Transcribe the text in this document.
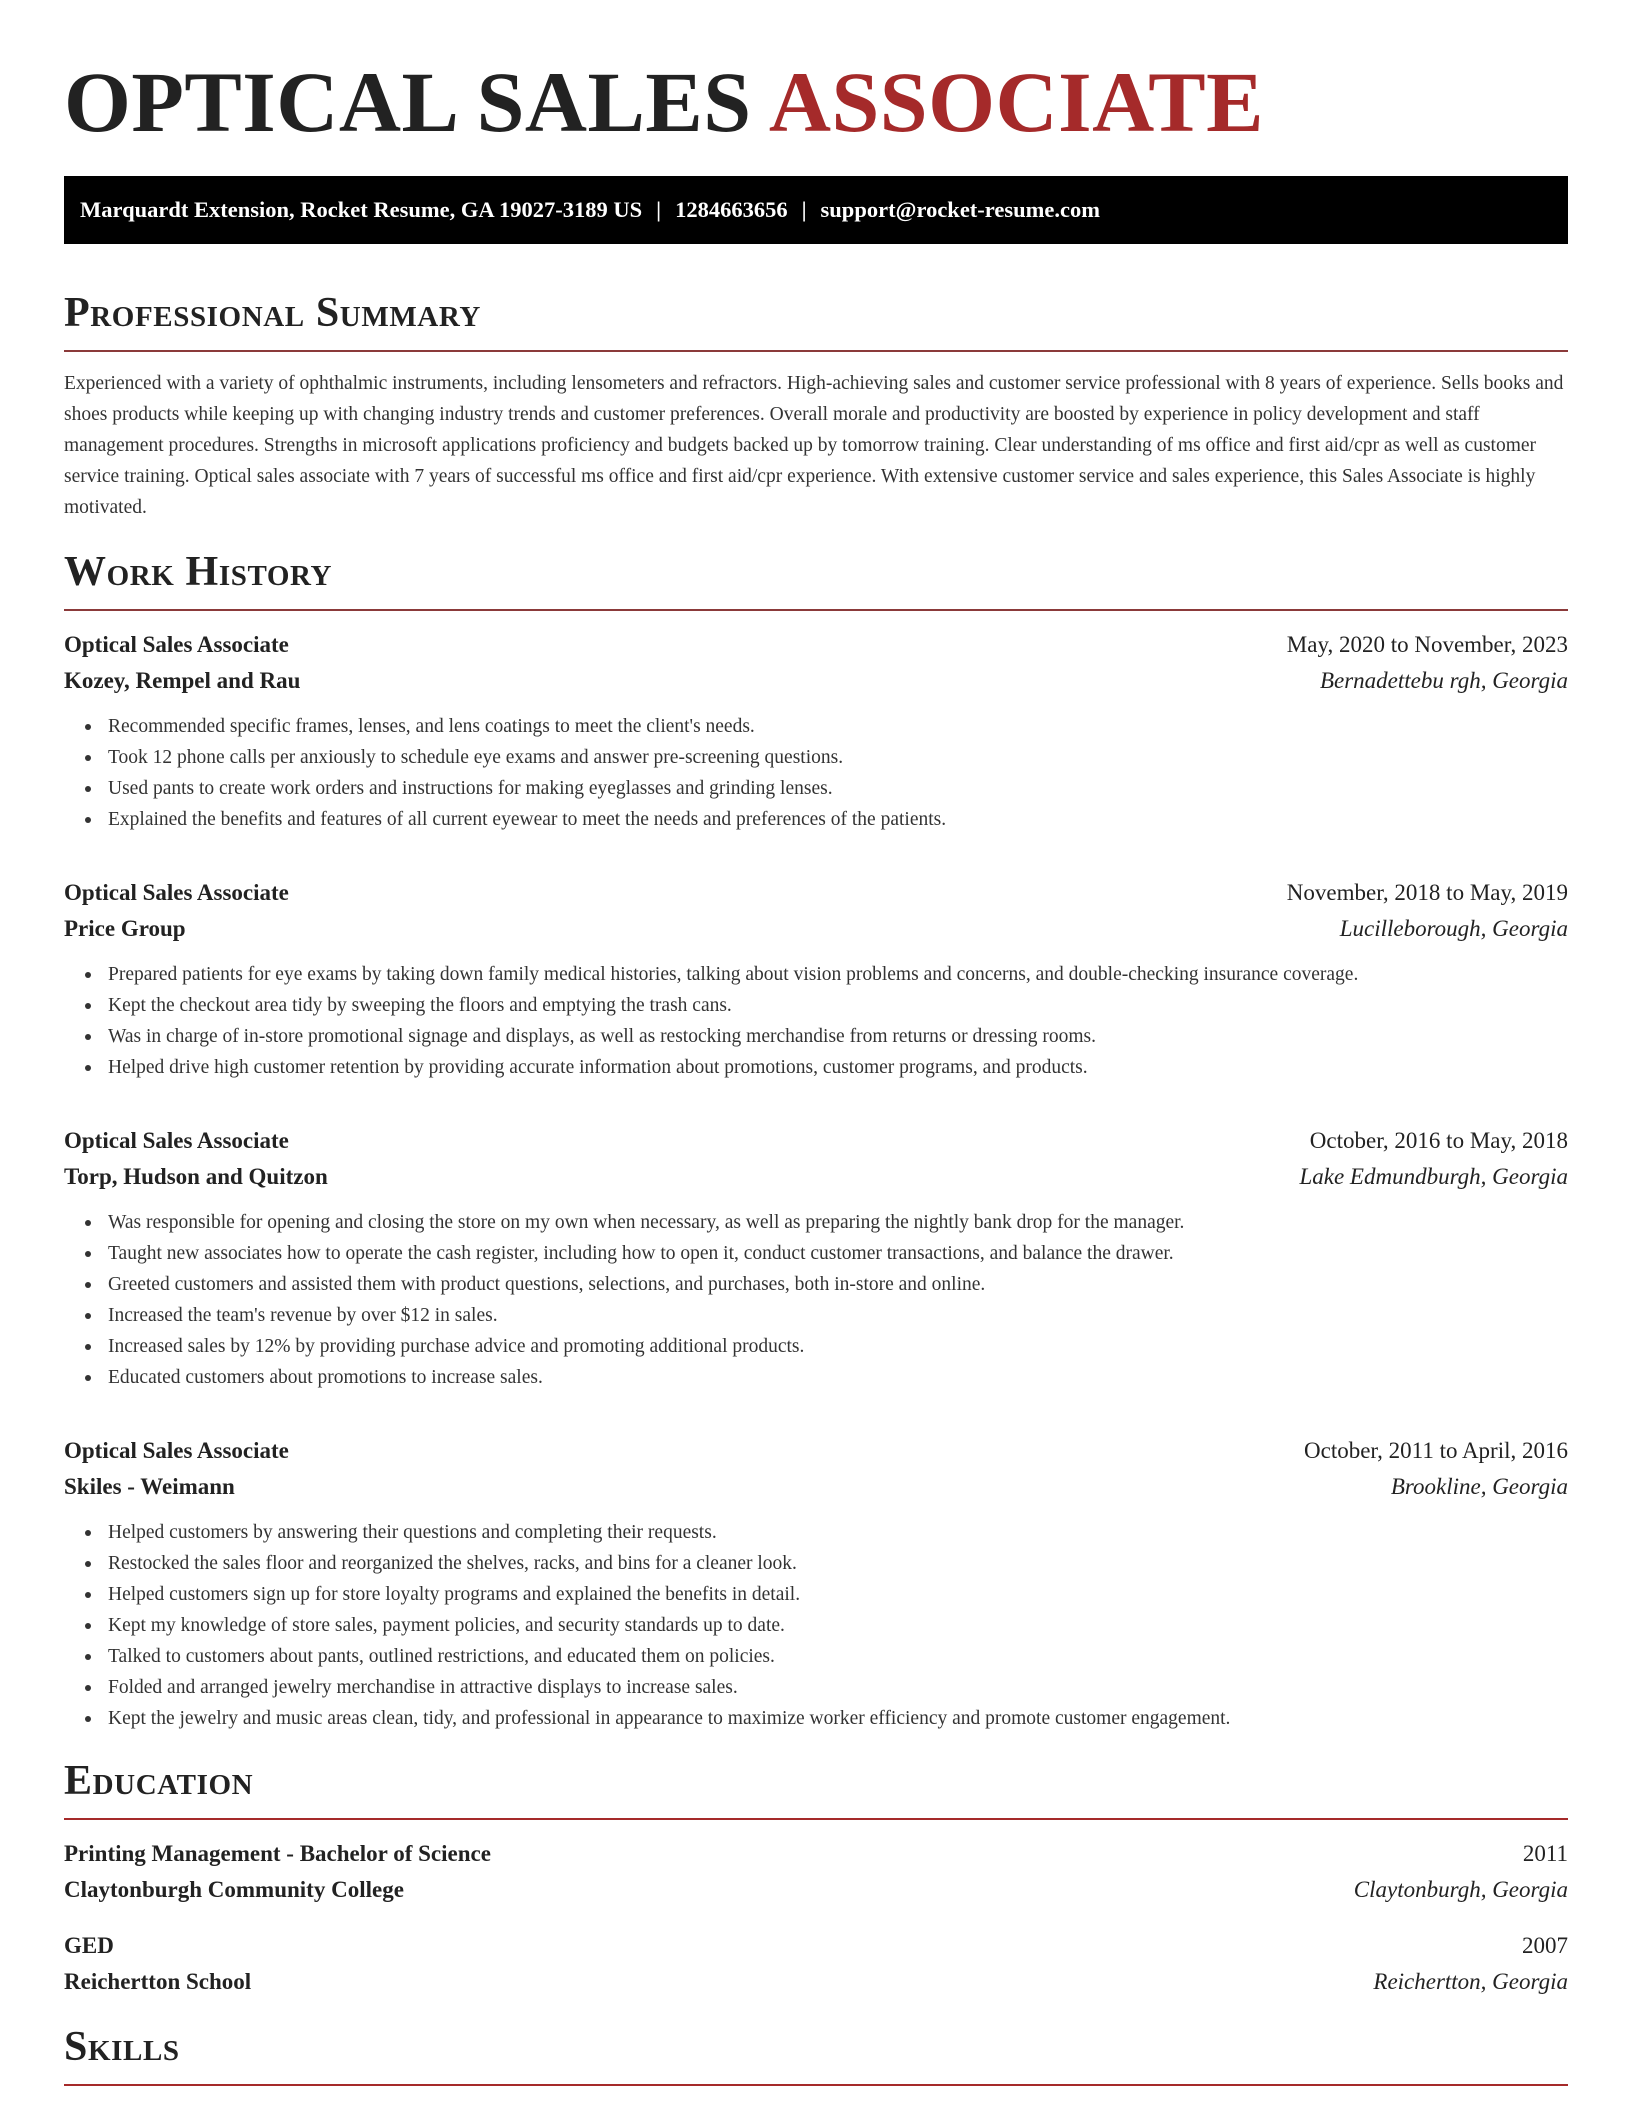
OPTICAL SALES ASSOCIATE
Marquardt Extension, Rocket Resume, GA 19027-3189 US | 1284663656 | support@rocket-resume.com
Professional Summary

Experienced with a variety of ophthalmic instruments, including lensometers and refractors. High-achieving sales and customer service professional with 8 years of experience. Sells books and shoes products while keeping up with changing industry trends and customer preferences. Overall morale and productivity are boosted by experience in policy development and staff management procedures. Strengths in microsoft applications proficiency and budgets backed up by tomorrow training. Clear understanding of ms office and first aid/cpr as well as customer service training. Optical sales associate with 7 years of successful ms office and first aid/cpr experience. With extensive customer service and sales experience, this Sales Associate is highly motivated.

Work History
Optical Sales Associate	May, 2020 to November, 2023
Kozey, Rempel and Rau	Bernadettebu rgh, Georgia
Recommended specific frames, lenses, and lens coatings to meet the client's needs.
Took 12 phone calls per anxiously to schedule eye exams and answer pre-screening questions.
Used pants to create work orders and instructions for making eyeglasses and grinding lenses.
Explained the benefits and features of all current eyewear to meet the needs and preferences of the patients.
Optical Sales Associate	November, 2018 to May, 2019
Price Group	Lucilleborough, Georgia
Prepared patients for eye exams by taking down family medical histories, talking about vision problems and concerns, and double-checking insurance coverage.
Kept the checkout area tidy by sweeping the floors and emptying the trash cans.
Was in charge of in-store promotional signage and displays, as well as restocking merchandise from returns or dressing rooms.
Helped drive high customer retention by providing accurate information about promotions, customer programs, and products.
Optical Sales Associate	October, 2016 to May, 2018
Torp, Hudson and Quitzon	Lake Edmundburgh, Georgia
Was responsible for opening and closing the store on my own when necessary, as well as preparing the nightly bank drop for the manager.
Taught new associates how to operate the cash register, including how to open it, conduct customer transactions, and balance the drawer.
Greeted customers and assisted them with product questions, selections, and purchases, both in-store and online.
Increased the team's revenue by over $12 in sales.
Increased sales by 12% by providing purchase advice and promoting additional products.
Educated customers about promotions to increase sales.
Optical Sales Associate	October, 2011 to April, 2016
Skiles - Weimann	Brookline, Georgia
Helped customers by answering their questions and completing their requests.
Restocked the sales floor and reorganized the shelves, racks, and bins for a cleaner look.
Helped customers sign up for store loyalty programs and explained the benefits in detail.
Kept my knowledge of store sales, payment policies, and security standards up to date.
Talked to customers about pants, outlined restrictions, and educated them on policies.
Folded and arranged jewelry merchandise in attractive displays to increase sales.
Kept the jewelry and music areas clean, tidy, and professional in appearance to maximize worker efficiency and promote customer engagement.
Education
Printing Management - Bachelor of Science	2011
Claytonburgh Community College	Claytonburgh, Georgia
GED	2007
Reichertton School	Reichertton, Georgia
Skills
